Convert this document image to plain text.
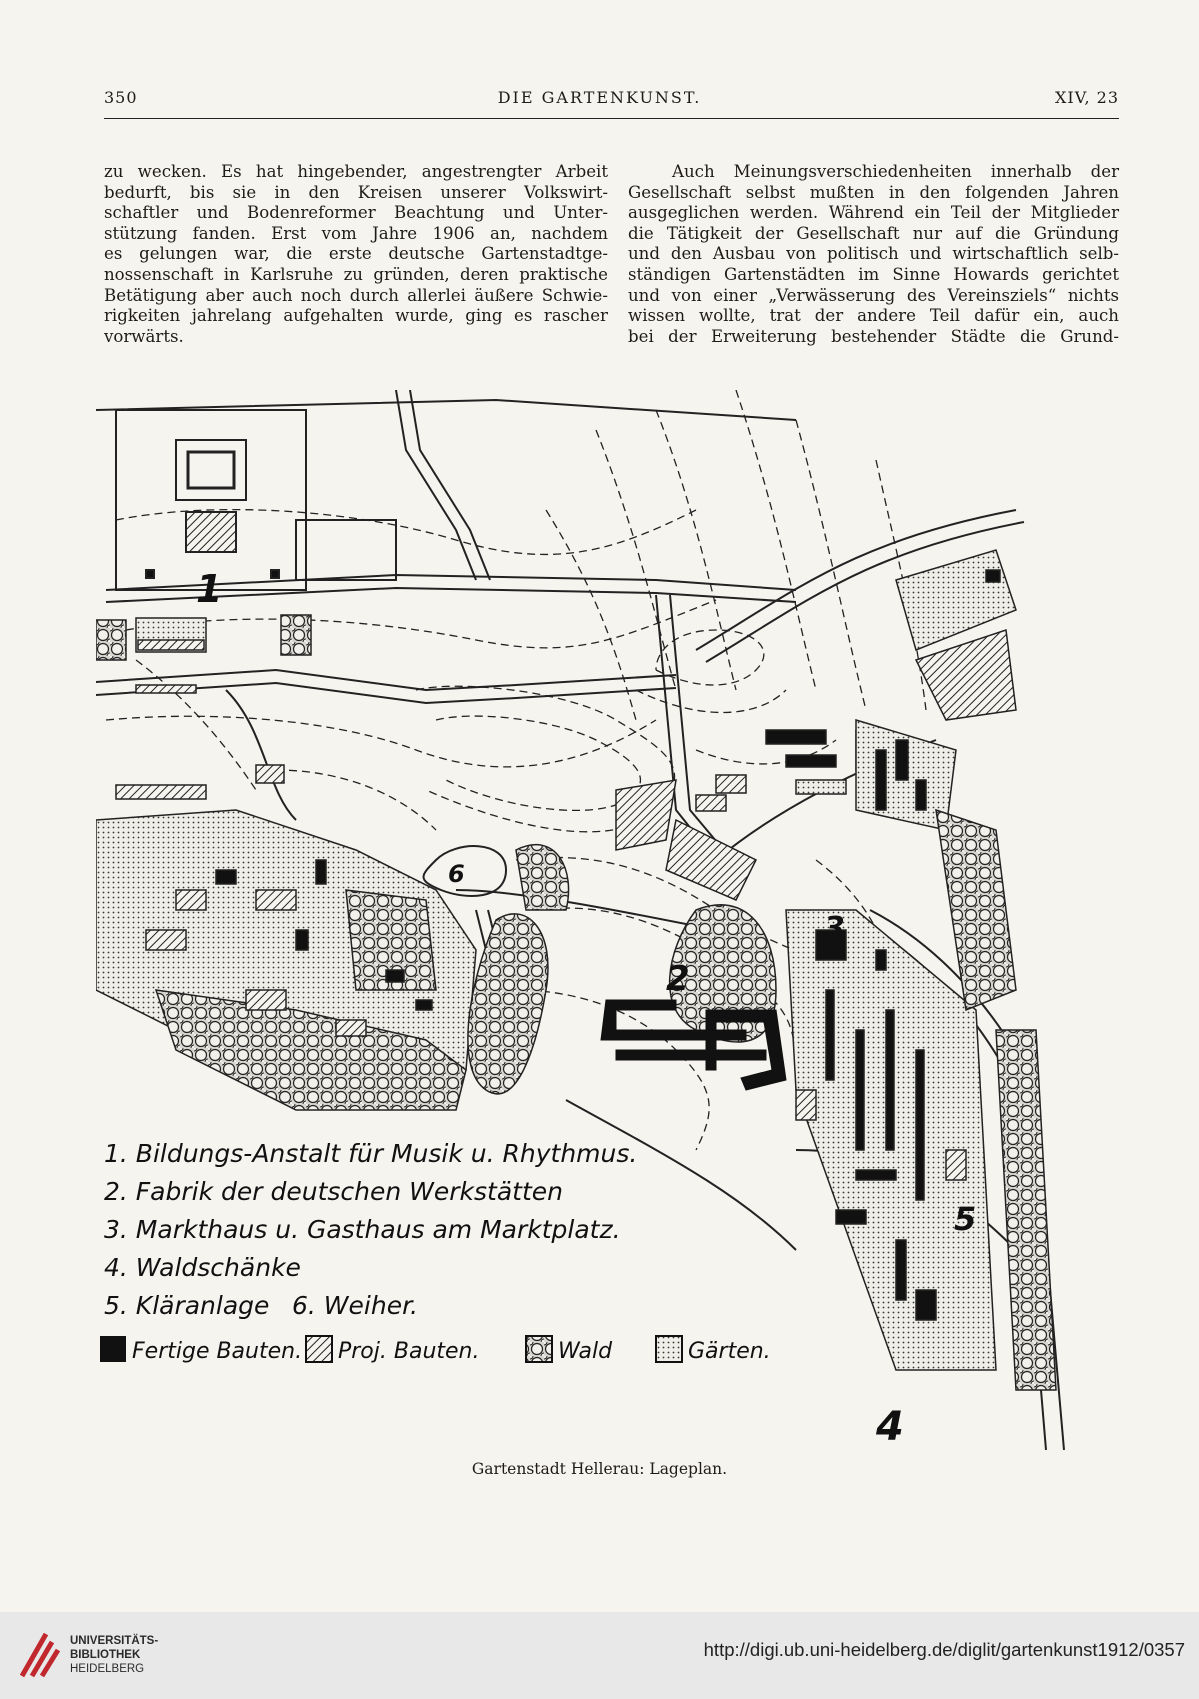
350	DIE GARTENKUNST.	XIV, 23
zu wecken. Es hat hingebender, angestrengter Arbeit
bedurft, bis sie in den Kreisen unserer Volkswirt-
schaftler und Bodenreformer Beachtung und Unter-
stützung fanden. Erst vom Jahre 1906 an, nachdem
es gelungen war, die erste deutsche Gartenstadtge-
nossenschaft in Karlsruhe zu gründen, deren praktische
Betätigung aber auch noch durch allerlei äußere Schwie-
rigkeiten jahrelang aufgehalten wurde, ging es rascher
vorwärts.
Auch Meinungsverschiedenheiten innerhalb der
Gesellschaft selbst mußten in den folgenden Jahren
ausgeglichen werden. Während ein Teil der Mitglieder
die Tätigkeit der Gesellschaft nur auf die Gründung
und den Ausbau von politisch und wirtschaftlich selb-
ständigen Gartenstädten im Sinne Howards gerichtet
und von einer „Verwässerung des Vereinsziels“ nichts
wissen wollte, trat der andere Teil dafür ein, auch
bei der Erweiterung bestehender Städte die Grund-
1
2
3
4
5
6
1. Bildungs-Anstalt für Musik u. Rhythmus.
2. Fabrik der deutschen Werkstätten
3. Markthaus u. Gasthaus am Marktplatz.
4. Waldschänke
5. Kläranlage 6. Weiher.
Fertige Bauten. Proj. Bauten.	Wald	Gärten.
Gartenstadt Hellerau: Lageplan.
UNIVERSITÄTS-
BIBLIOTHEK
HEIDELBERG
http://digi.ub.uni-heidelberg.de/diglit/gartenkunst1912/0357
